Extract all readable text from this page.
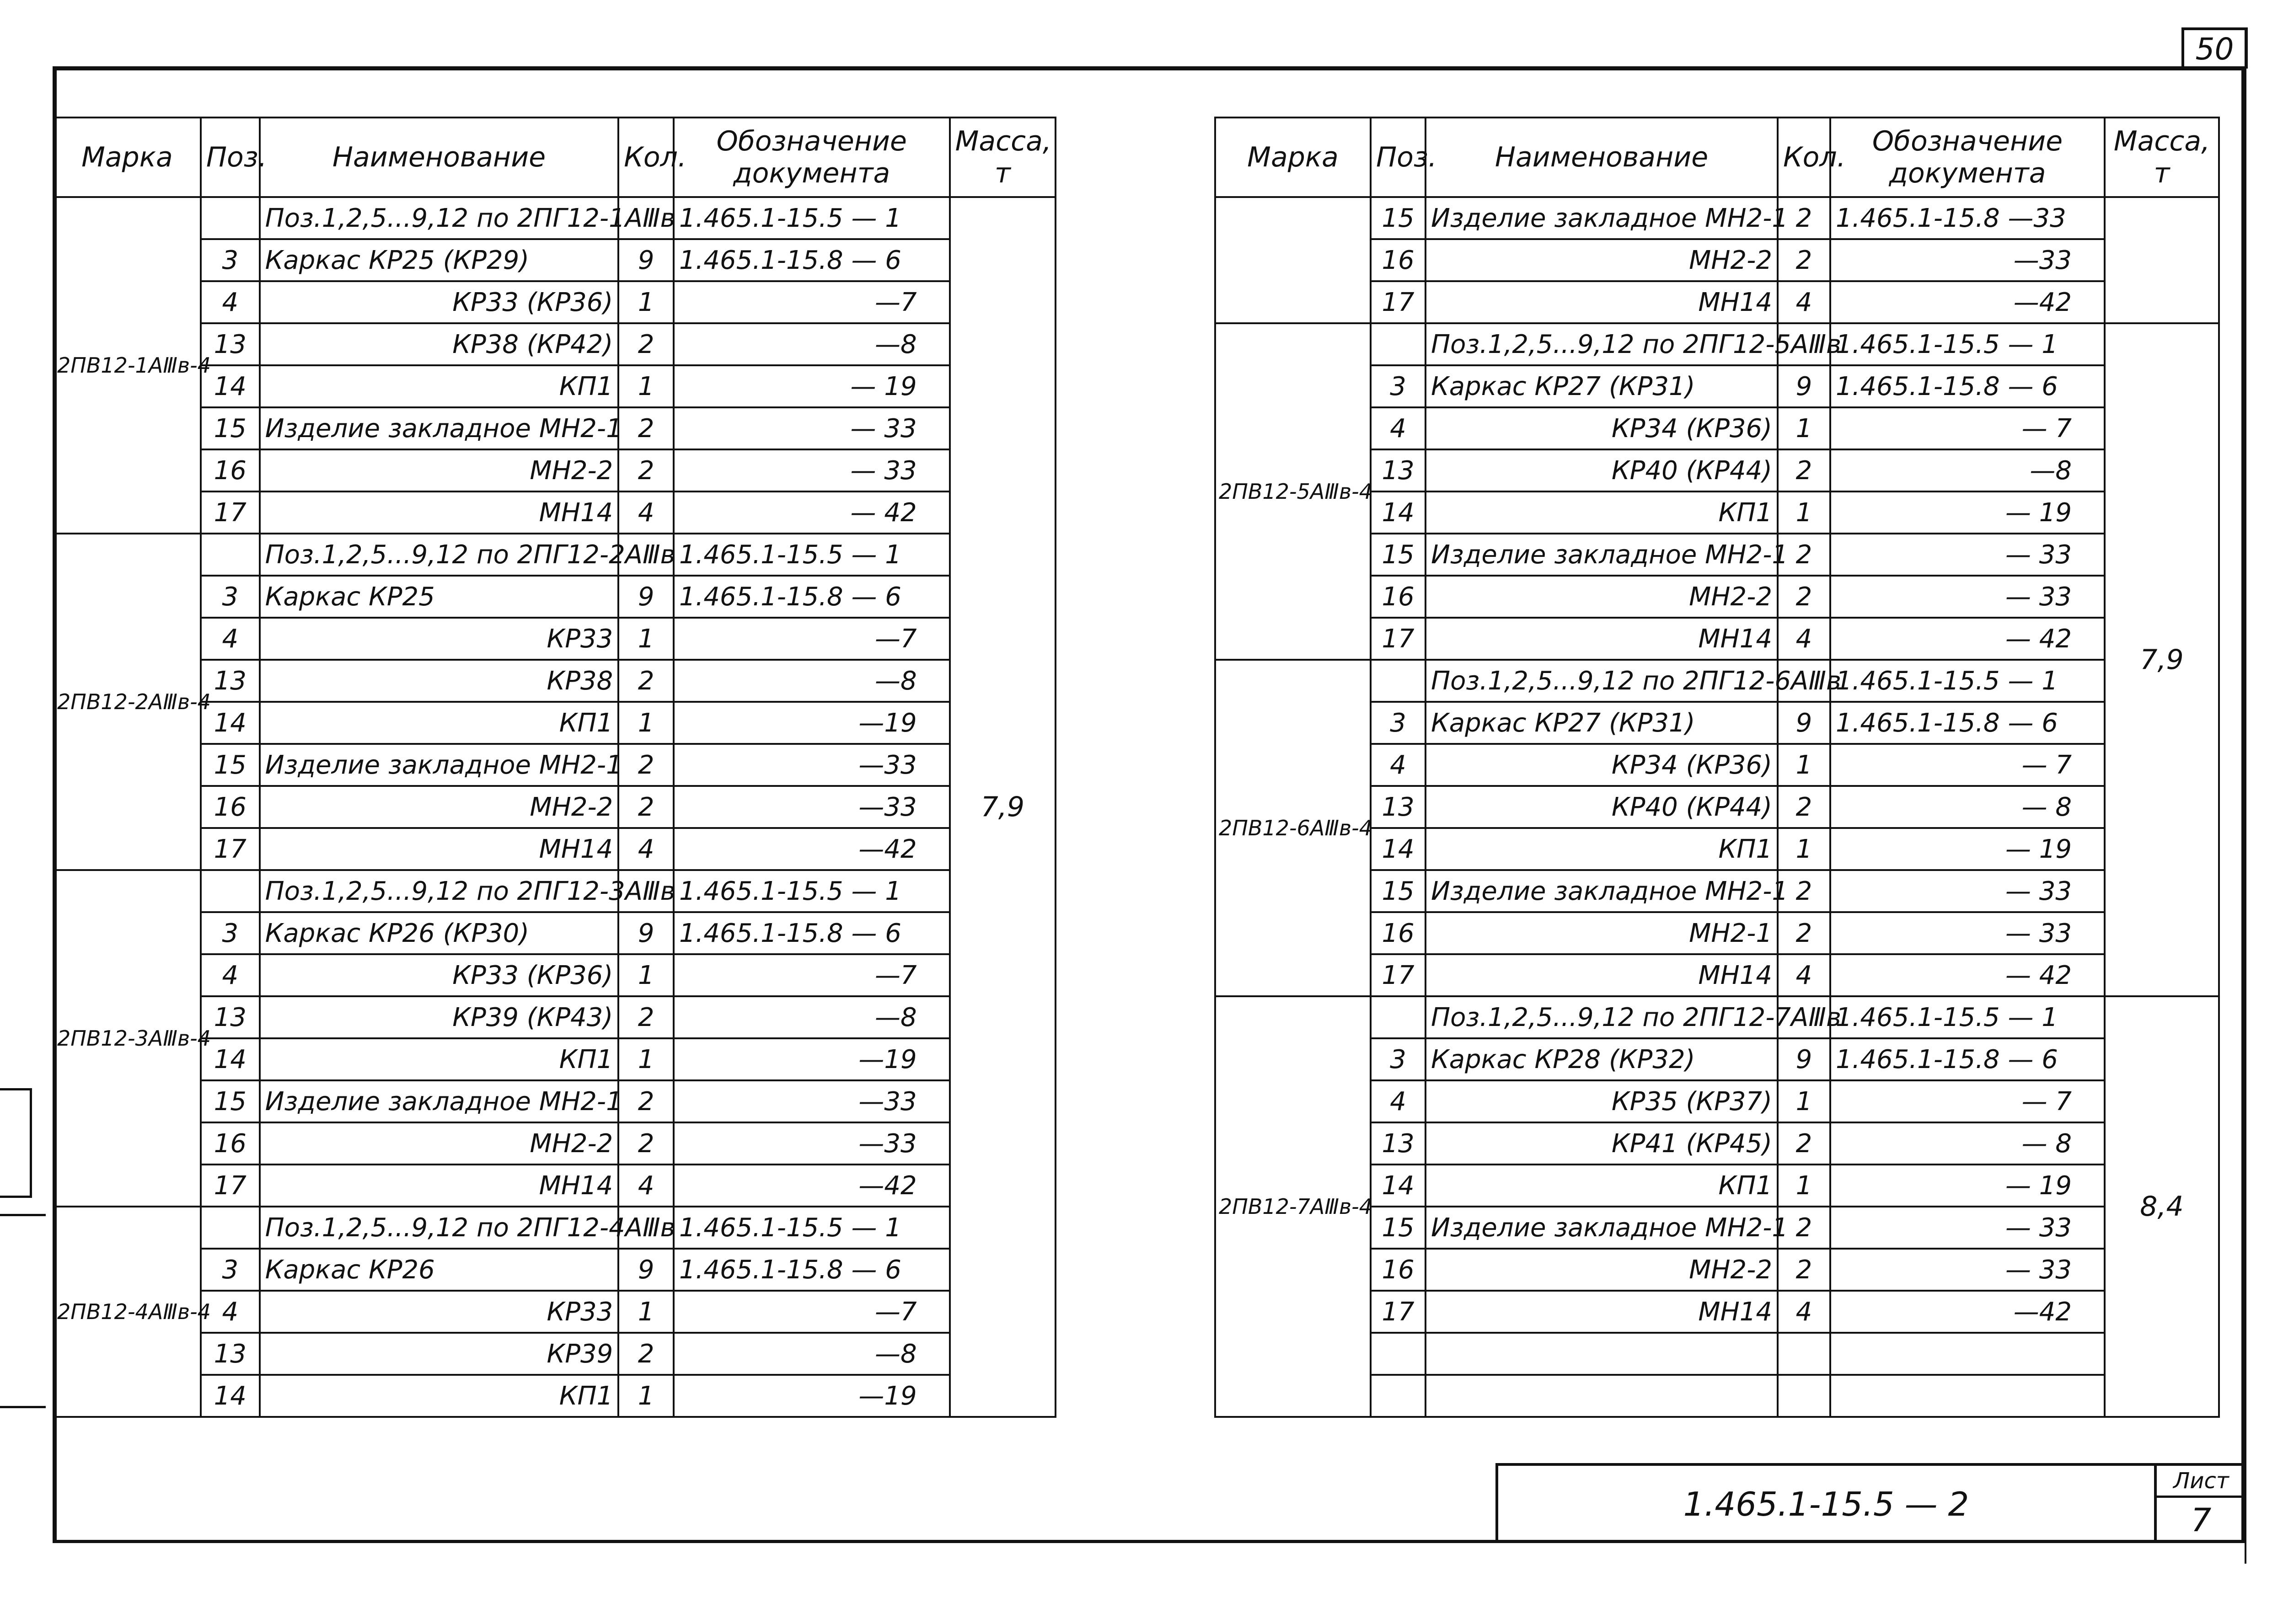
50
Марка	Поз.	Наименование	Кол.	Обозначение документа	Масса, т
2ПВ12-1АⅢв-4		Поз.1,2,5...9,12 по 2ПГ12-1АⅢв		1.465.1-15.5 — 1	7,9
	3	Каркас КР25 (КР29)	9	1.465.1-15.8 — 6	
	4	КР33 (КР36)	1	—7	
	13	КР38 (КР42)	2	—8	
	14	КП1	1	— 19	
	15	Изделие закладное МН2-1	2	— 33	
	16	МН2-2	2	— 33	
	17	МН14	4	— 42	
2ПВ12-2АⅢв-4		Поз.1,2,5...9,12 по 2ПГ12-2АⅢв		1.465.1-15.5 — 1	
	3	Каркас КР25	9	1.465.1-15.8 — 6	
	4	КР33	1	—7	
	13	КР38	2	—8	
	14	КП1	1	—19	
	15	Изделие закладное МН2-1	2	—33	
	16	МН2-2	2	—33	
	17	МН14	4	—42	
2ПВ12-3АⅢв-4		Поз.1,2,5...9,12 по 2ПГ12-3АⅢв		1.465.1-15.5 — 1	
	3	Каркас КР26 (КР30)	9	1.465.1-15.8 — 6	
	4	КР33 (КР36)	1	—7	
	13	КР39 (КР43)	2	—8	
	14	КП1	1	—19	
	15	Изделие закладное МН2-1	2	—33	
	16	МН2-2	2	—33	
	17	МН14	4	—42	
2ПВ12-4АⅢв-4		Поз.1,2,5...9,12 по 2ПГ12-4АⅢв		1.465.1-15.5 — 1	
	3	Каркас КР26	9	1.465.1-15.8 — 6	
	4	КР33	1	—7	
	13	КР39	2	—8	
	14	КП1	1	—19	
Марка	Поз.	Наименование	Кол.	Обозначение документа	Масса, т
	15	Изделие закладное МН2-1	2	1.465.1-15.8 —33	
	16	МН2-2	2	—33	
	17	МН14	4	—42	
2ПВ12-5АⅢв-4		Поз.1,2,5...9,12 по 2ПГ12-5АⅢв		1.465.1-15.5 — 1	7,9
	3	Каркас КР27 (КР31)	9	1.465.1-15.8 — 6	
	4	КР34 (КР36)	1	— 7	
	13	КР40 (КР44)	2	—8	
	14	КП1	1	— 19	
	15	Изделие закладное МН2-1	2	— 33	
	16	МН2-2	2	— 33	
	17	МН14	4	— 42	
2ПВ12-6АⅢв-4		Поз.1,2,5...9,12 по 2ПГ12-6АⅢв		1.465.1-15.5 — 1	
	3	Каркас КР27 (КР31)	9	1.465.1-15.8 — 6	
	4	КР34 (КР36)	1	— 7	
	13	КР40 (КР44)	2	— 8	
	14	КП1	1	— 19	
	15	Изделие закладное МН2-1	2	— 33	
	16	МН2-1	2	— 33	
	17	МН14	4	— 42	
2ПВ12-7АⅢв-4		Поз.1,2,5...9,12 по 2ПГ12-7АⅢв		1.465.1-15.5 — 1	8,4
	3	Каркас КР28 (КР32)	9	1.465.1-15.8 — 6	
	4	КР35 (КР37)	1	— 7	
	13	КР41 (КР45)	2	— 8	
	14	КП1	1	— 19	
	15	Изделие закладное МН2-1	2	— 33	
	16	МН2-2	2	— 33	
	17	МН14	4	—42	

1.465.1-15.5 — 2
Лист
7
